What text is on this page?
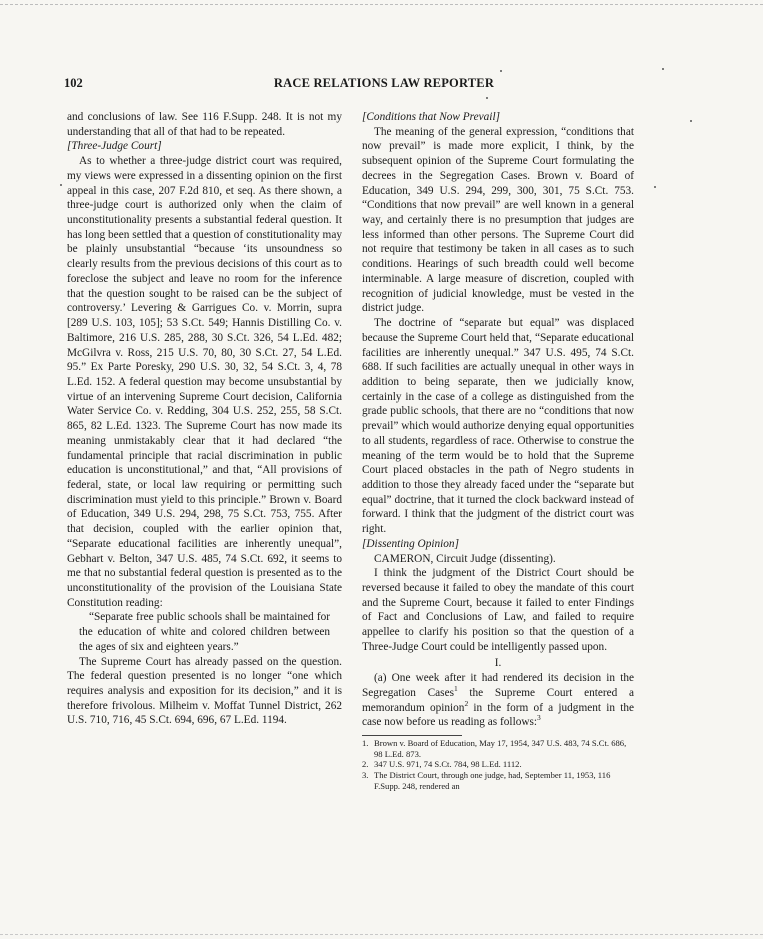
102	RACE RELATIONS LAW REPORTER

and conclusions of law. See 116 F.Supp. 248. It is not my understanding that all of that had to be repeated.

[Three-Judge Court]

As to whether a three-judge district court was required, my views were expressed in a dissenting opinion on the first appeal in this case, 207 F.2d 810, et seq. As there shown, a three-judge court is authorized only when the claim of unconstitutionality presents a substantial federal question. It has long been settled that a question of constitutionality may be plainly unsubstantial “because ‘its unsoundness so clearly results from the previous decisions of this court as to foreclose the subject and leave no room for the inference that the question sought to be raised can be the subject of controversy.’ Levering & Garrigues Co. v. Morrin, supra [289 U.S. 103, 105]; 53 S.Ct. 549; Hannis Distilling Co. v. Baltimore, 216 U.S. 285, 288, 30 S.Ct. 326, 54 L.Ed. 482; McGilvra v. Ross, 215 U.S. 70, 80, 30 S.Ct. 27, 54 L.Ed. 95.” Ex Parte Poresky, 290 U.S. 30, 32, 54 S.Ct. 3, 4, 78 L.Ed. 152. A federal question may become unsubstantial by virtue of an intervening Supreme Court decision, California Water Service Co. v. Redding, 304 U.S. 252, 255, 58 S.Ct. 865, 82 L.Ed. 1323. The Supreme Court has now made its meaning unmistakably clear that it had declared “the fundamental principle that racial discrimination in public education is unconstitutional,” and that, “All provisions of federal, state, or local law requiring or permitting such discrimination must yield to this principle.” Brown v. Board of Education, 349 U.S. 294, 298, 75 S.Ct. 753, 755. After that decision, coupled with the earlier opinion that, “Separate educational facilities are inherently unequal”, Gebhart v. Belton, 347 U.S. 485, 74 S.Ct. 692, it seems to me that no substantial federal question is presented as to the unconstitutionality of the provision of the Louisiana State Constitution reading:

“Separate free public schools shall be maintained for the education of white and colored children between the ages of six and eighteen years.”

The Supreme Court has already passed on the question. The federal question presented is no longer “one which requires analysis and exposition for its decision,” and it is therefore frivolous. Milheim v. Moffat Tunnel District, 262 U.S. 710, 716, 45 S.Ct. 694, 696, 67 L.Ed. 1194.

[Conditions that Now Prevail]

The meaning of the general expression, “conditions that now prevail” is made more explicit, I think, by the subsequent opinion of the Supreme Court formulating the decrees in the Segregation Cases. Brown v. Board of Education, 349 U.S. 294, 299, 300, 301, 75 S.Ct. 753. “Conditions that now prevail” are well known in a general way, and certainly there is no presumption that judges are less informed than other persons. The Supreme Court did not require that testimony be taken in all cases as to such conditions. Hearings of such breadth could well become interminable. A large measure of discretion, coupled with recognition of judicial knowledge, must be vested in the district judge.

The doctrine of “separate but equal” was displaced because the Supreme Court held that, “Separate educational facilities are inherently unequal.” 347 U.S. 495, 74 S.Ct. 688. If such facilities are actually unequal in other ways in addition to being separate, then we judicially know, certainly in the case of a college as distinguished from the grade public schools, that there are no “conditions that now prevail” which would authorize denying equal opportunities to all students, regardless of race. Otherwise to construe the meaning of the term would be to hold that the Supreme Court placed obstacles in the path of Negro students in addition to those they already faced under the “separate but equal” doctrine, that it turned the clock backward instead of forward. I think that the judgment of the district court was right.

[Dissenting Opinion]

CAMERON, Circuit Judge (dissenting).

I think the judgment of the District Court should be reversed because it failed to obey the mandate of this court and the Supreme Court, because it failed to enter Findings of Fact and Conclusions of Law, and failed to require appellee to clarify his position so that the question of a Three-Judge Court could be intelligently passed upon.

I.

(a) One week after it had rendered its decision in the Segregation Cases$^1$ the Supreme Court entered a memorandum opinion$^2$ in the form of a judgment in the case now before us reading as follows:$^3$

1. Brown v. Board of Education, May 17, 1954, 347 U.S. 483, 74 S.Ct. 686, 98 L.Ed. 873.
2. 347 U.S. 971, 74 S.Ct. 784, 98 L.Ed. 1112.
3. The District Court, through one judge, had, September 11, 1953, 116 F.Supp. 248, rendered an
